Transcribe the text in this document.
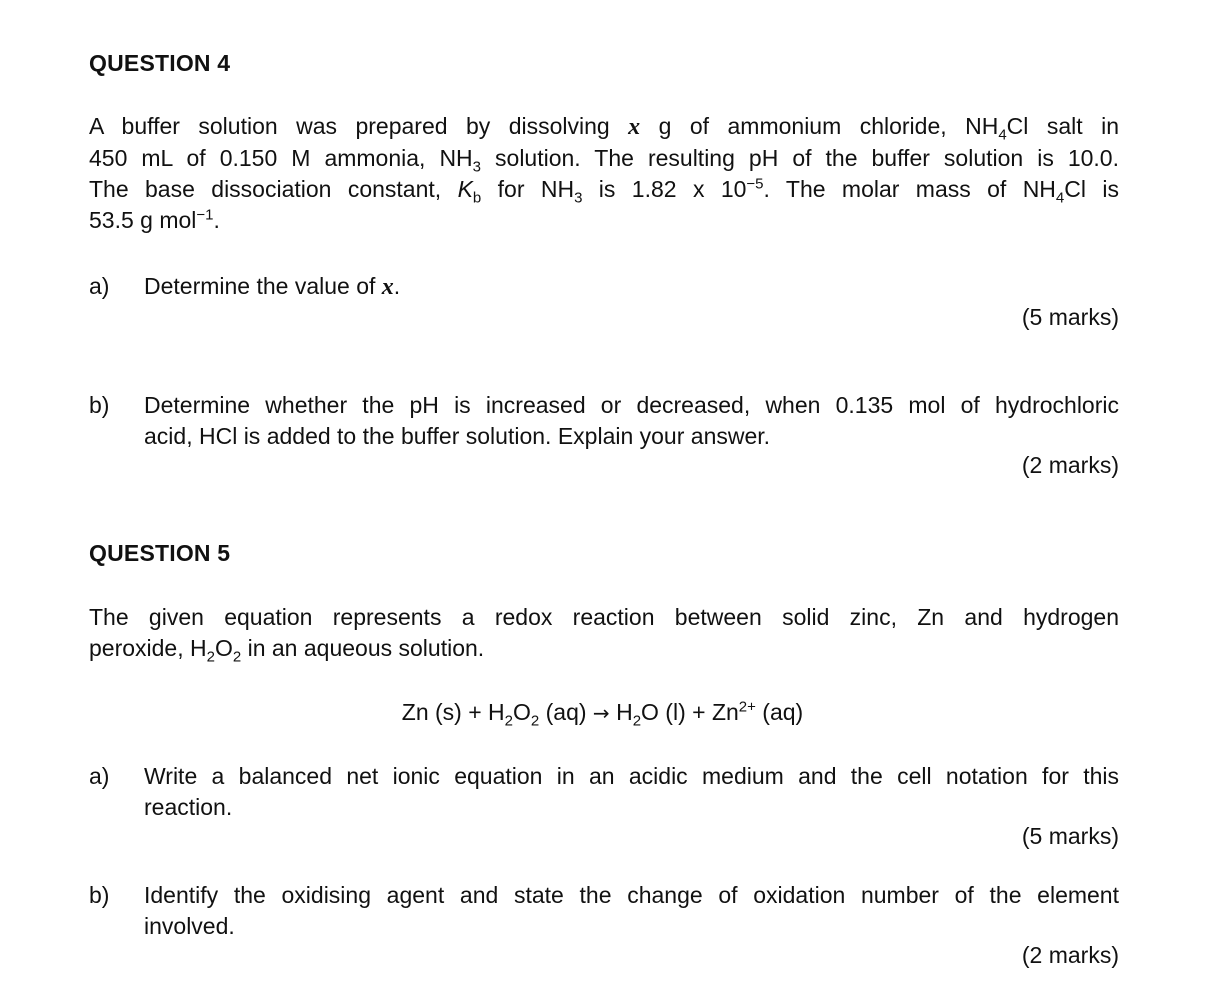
QUESTION 4
A buffer solution was prepared by dissolving x g of ammonium chloride, $NH_4Cl$ salt in
450 mL of 0.150 M ammonia, $NH_3$ solution. The resulting pH of the buffer solution is 10.0.
The base dissociation constant, $K_b$ for $NH_3$ is 1.82 x $10^{-5}$. The molar mass of $NH_4Cl$ is
53.5 g mol$^{-1}$.
a) Determine the value of x.
(5 marks)
b) Determine whether the pH is increased or decreased, when 0.135 mol of hydrochloric
acid, HCl is added to the buffer solution. Explain your answer.
(2 marks)
QUESTION 5
The given equation represents a redox reaction between solid zinc, Zn and hydrogen
peroxide, $H_2O_2$ in an aqueous solution.
Zn $(s) + H_2O_2$ $(aq) \to H_2O$ $(l) + Zn^{2+}$ (aq)
a) Write a balanced net ionic equation in an acidic medium and the cell notation for this
reaction.
(5 marks)
b) Identify the oxidising agent and state the change of oxidation number of the element
involved.
(2 marks)
